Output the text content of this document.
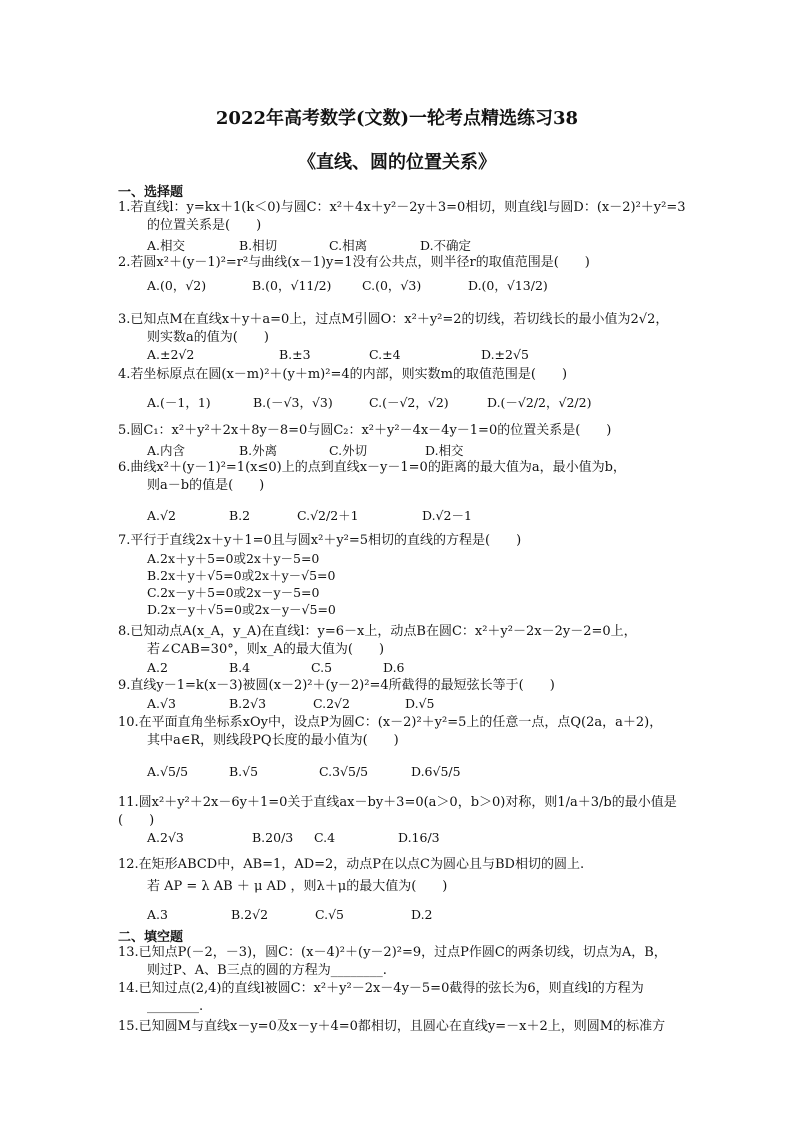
2022年高考数学(文数)一轮考点精选练习38
《直线、圆的位置关系》
一、选择题
1.若直线l：y=kx＋1(k＜0)与圆C：x²＋4x＋y²－2y＋3=0相切，则直线l与圆D：(x－2)²＋y²=3
的位置关系是(　　)
A.相交	B.相切	C.相离	D.不确定
2.若圆x²＋(y－1)²=r²与曲线(x－1)y=1没有公共点，则半径r的取值范围是(　　)
A.(0，√2)	B.(0，√11/2) C.(0，√3)	D.(0，√13/2)
3.已知点M在直线x＋y＋a=0上，过点M引圆O：x²＋y²=2的切线，若切线长的最小值为2√2，
则实数a的值为(　　)
A.±2√2	B.±3	C.±4	D.±2√5
4.若坐标原点在圆(x－m)²＋(y＋m)²=4的内部，则实数m的取值范围是(　　)
A.(－1，1)	B.(－√3，√3)	C.(－√2，√2)	D.(－√2/2，√2/2)
5.圆C₁：x²＋y²＋2x＋8y－8=0与圆C₂：x²＋y²－4x－4y－1=0的位置关系是(　　)
A.内含	B.外离	C.外切	D.相交
6.曲线x²＋(y－1)²=1(x≤0)上的点到直线x－y－1=0的距离的最大值为a，最小值为b，
则a－b的值是(　　)
A.√2	B.2	C.√2/2＋1	D.√2－1
7.平行于直线2x＋y＋1=0且与圆x²＋y²=5相切的直线的方程是(　　)
A.2x＋y＋5=0或2x＋y－5=0
B.2x＋y＋√5=0或2x＋y－√5=0
C.2x－y＋5=0或2x－y－5=0
D.2x－y＋√5=0或2x－y－√5=0
8.已知动点A(x_A，y_A)在直线l：y=6－x上，动点B在圆C：x²＋y²－2x－2y－2=0上，
若∠CAB=30°，则x_A的最大值为(　　)
A.2	B.4	C.5	D.6
9.直线y－1=k(x－3)被圆(x－2)²＋(y－2)²=4所截得的最短弦长等于(　　)
A.√3	B.2√3	C.2√2	D.√5
10.在平面直角坐标系xOy中，设点P为圆C：(x－2)²＋y²=5上的任意一点，点Q(2a，a＋2)，
其中a∈R，则线段PQ长度的最小值为(　　)
A.√5/5	B.√5	C.3√5/5	D.6√5/5
11.圆x²＋y²＋2x－6y＋1=0关于直线ax－by＋3=0(a＞0，b＞0)对称，则1/a＋3/b的最小值是(　　)
A.2√3	B.20/3 C.4	D.16/3
12.在矩形ABCD中，AB=1，AD=2，动点P在以点C为圆心且与BD相切的圆上.
若 AP = λ AB ＋ μ AD ，则λ＋μ的最大值为(　　)
A.3	B.2√2	C.√5	D.2
二、填空题
13.已知点P(－2，－3)，圆C：(x－4)²＋(y－2)²=9，过点P作圆C的两条切线，切点为A，B，
则过P、A、B三点的圆的方程为________.
14.已知过点(2,4)的直线l被圆C：x²＋y²－2x－4y－5=0截得的弦长为6，则直线l的方程为
________.
15.已知圆M与直线x－y=0及x－y＋4=0都相切，且圆心在直线y=－x＋2上，则圆M的标准方
